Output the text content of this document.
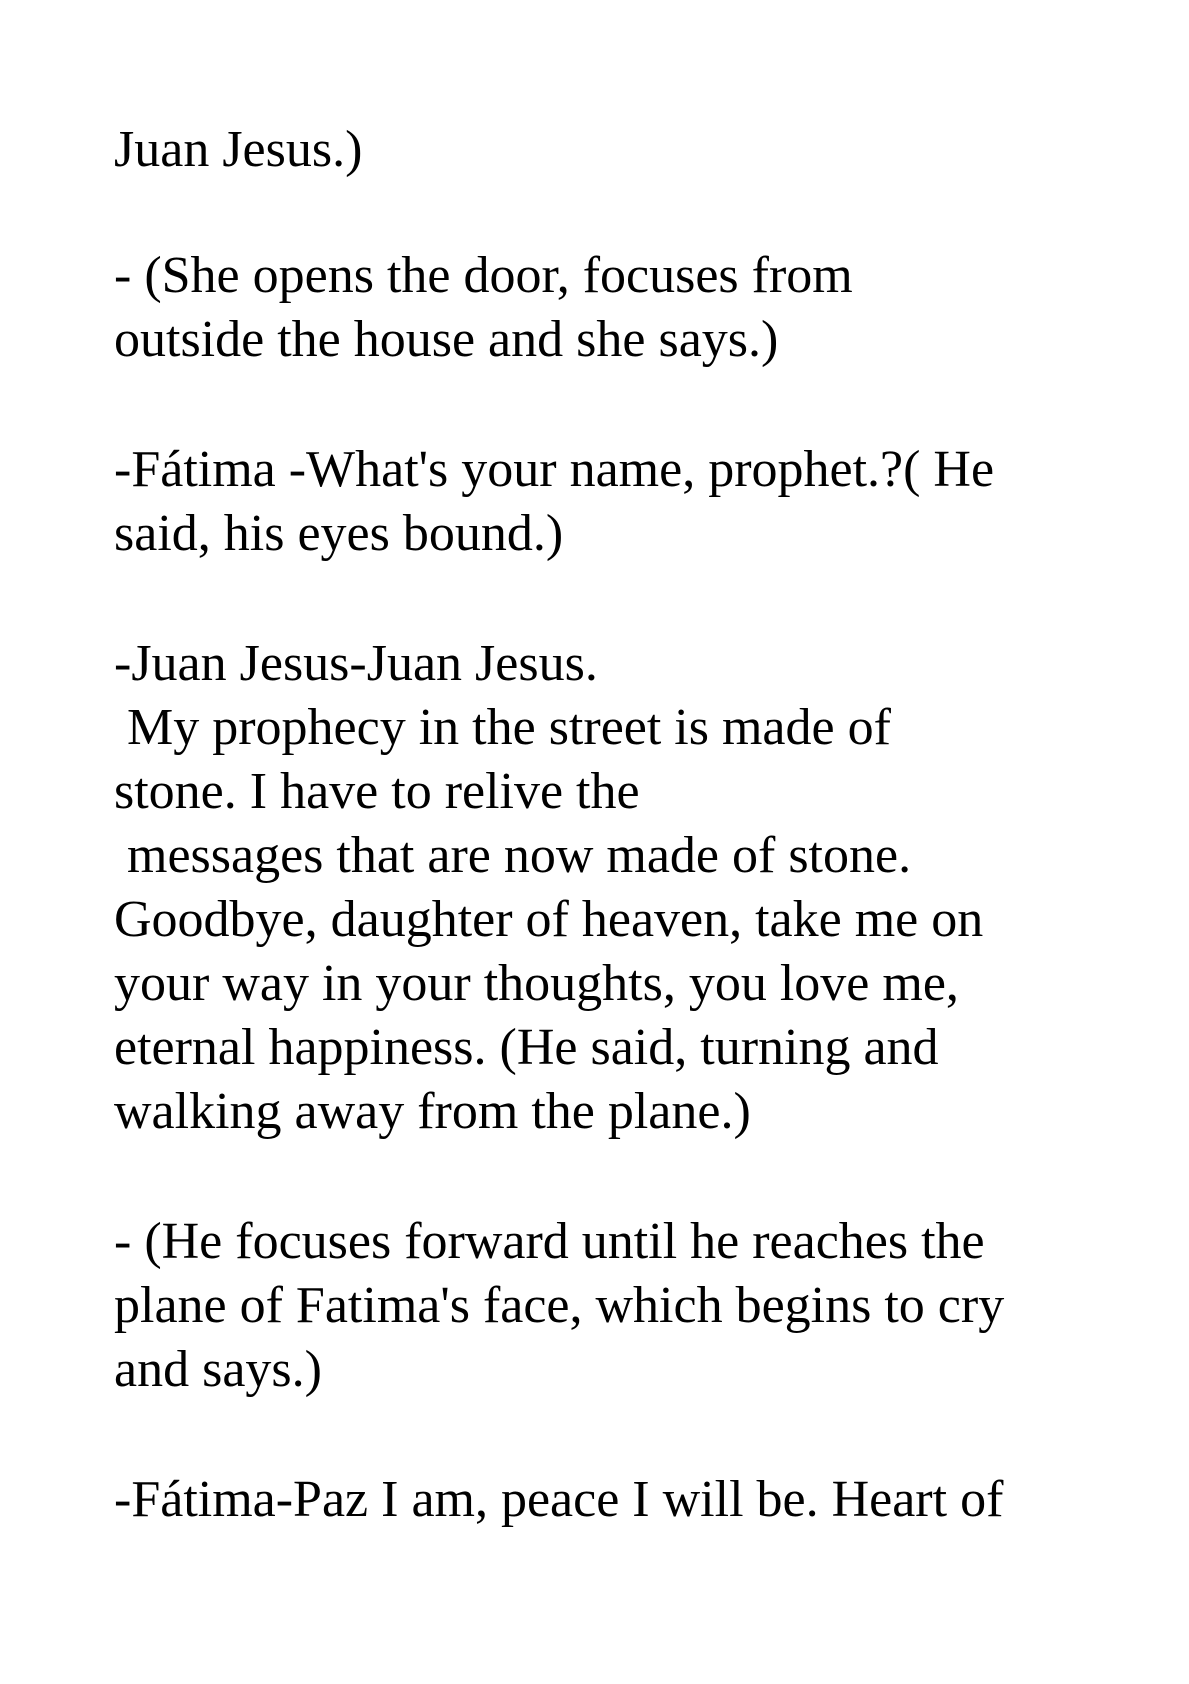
Juan Jesus.)
- (She opens the door, focuses from
outside the house and she says.)
-Fátima -What's your name, prophet.?( He
said, his eyes bound.)
-Juan Jesus-Juan Jesus.
My prophecy in the street is made of
stone. I have to relive the
messages that are now made of stone.
Goodbye, daughter of heaven, take me on
your way in your thoughts, you love me,
eternal happiness. (He said, turning and
walking away from the plane.)
- (He focuses forward until he reaches the
plane of Fatima's face, which begins to cry
and says.)
-Fátima-Paz I am, peace I will be. Heart of
